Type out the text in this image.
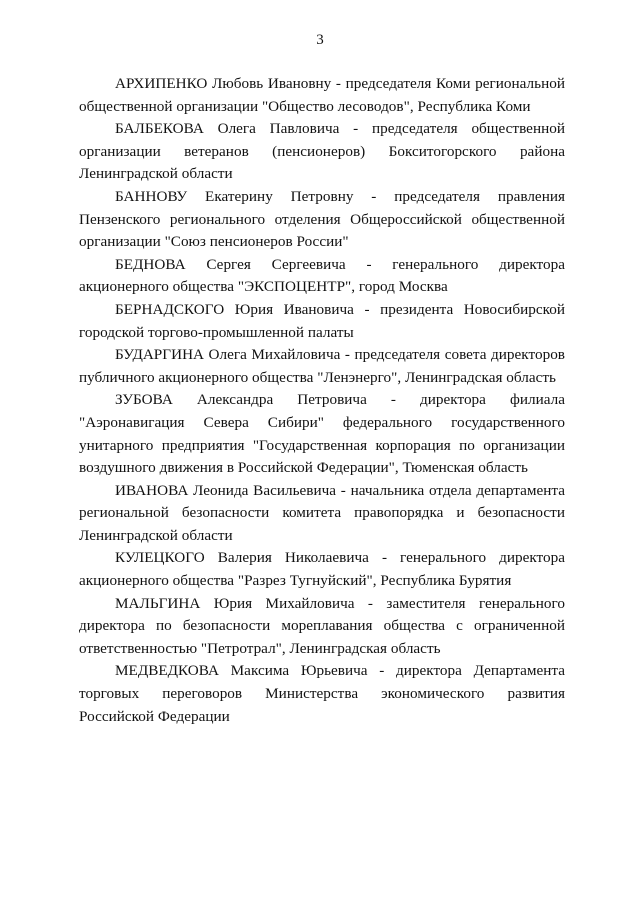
3

АРХИПЕНКО Любовь Ивановну - председателя Коми региональной общественной организации "Общество лесоводов", Республика Коми

БАЛБЕКОВА Олега Павловича - председателя общественной организации ветеранов (пенсионеров) Бокситогорского района Ленинградской области

БАННОВУ Екатерину Петровну - председателя правления Пензенского регионального отделения Общероссийской общественной организации "Союз пенсионеров России"

БЕДНОВА Сергея Сергеевича - генерального директора акционерного общества "ЭКСПОЦЕНТР", город Москва

БЕРНАДСКОГО Юрия Ивановича - президента Новосибирской городской торгово-промышленной палаты

БУДАРГИНА Олега Михайловича - председателя совета директоров публичного акционерного общества "Ленэнерго", Ленинградская область

ЗУБОВА Александра Петровича - директора филиала "Аэронавигация Севера Сибири" федерального государственного унитарного предприятия "Государственная корпорация по организации воздушного движения в Российской Федерации", Тюменская область

ИВАНОВА Леонида Васильевича - начальника отдела департамента региональной безопасности комитета правопорядка и безопасности Ленинградской области

КУЛЕЦКОГО Валерия Николаевича - генерального директора акционерного общества "Разрез Тугнуйский", Республика Бурятия

МАЛЬГИНА Юрия Михайловича - заместителя генерального директора по безопасности мореплавания общества с ограниченной ответственностью "Петротрал", Ленинградская область

МЕДВЕДКОВА Максима Юрьевича - директора Департамента торговых переговоров Министерства экономического развития Российской Федерации
